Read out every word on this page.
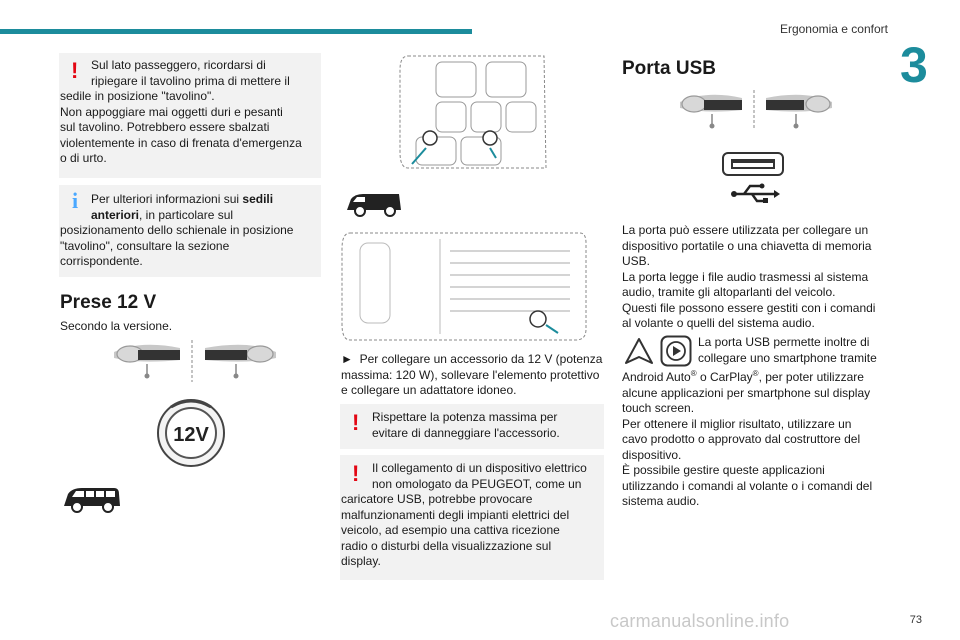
Ergonomia e confort
3
!	Sul lato passeggero, ricordarsi di

ripiegare il tavolino prima di mettere il

sedile in posizione "tavolino".

Non appoggiare mai oggetti duri e pesanti

sul tavolino. Potrebbero essere sbalzati

violentemente in caso di frenata d'emergenza

o di urto.

i	Per ulteriori informazioni sui sedili

anteriori, in particolare sul

posizionamento dello schienale in posizione

"tavolino", consultare la sezione

corrispondente.

Prese 12 V
Secondo la versione.
12V

► Per collegare un accessorio da 12 V (potenza

massima: 120 W), sollevare l'elemento protettivo

e collegare un adattatore idoneo.

!	Rispettare la potenza massima per

evitare di danneggiare l'accessorio.

!	Il collegamento di un dispositivo elettrico

non omologato da PEUGEOT, come un

caricatore USB, potrebbe provocare

malfunzionamenti degli impianti elettrici del

veicolo, ad esempio una cattiva ricezione

radio o disturbi della visualizzazione sul

display.

Porta USB

La porta può essere utilizzata per collegare un

dispositivo portatile o una chiavetta di memoria

USB.

La porta legge i file audio trasmessi al sistema

audio, tramite gli altoparlanti del veicolo.

Questi file possono essere gestiti con i comandi

al volante o quelli del sistema audio.

La porta USB permette inoltre di

collegare uno smartphone tramite

Android Auto® o CarPlay®, per poter utilizzare

alcune applicazioni per smartphone sul display

touch screen.

Per ottenere il miglior risultato, utilizzare un

cavo prodotto o approvato dal costruttore del

dispositivo.

È possibile gestire queste applicazioni

utilizzando i comandi al volante o i comandi del

sistema audio.

carmanualsonline.info	73
